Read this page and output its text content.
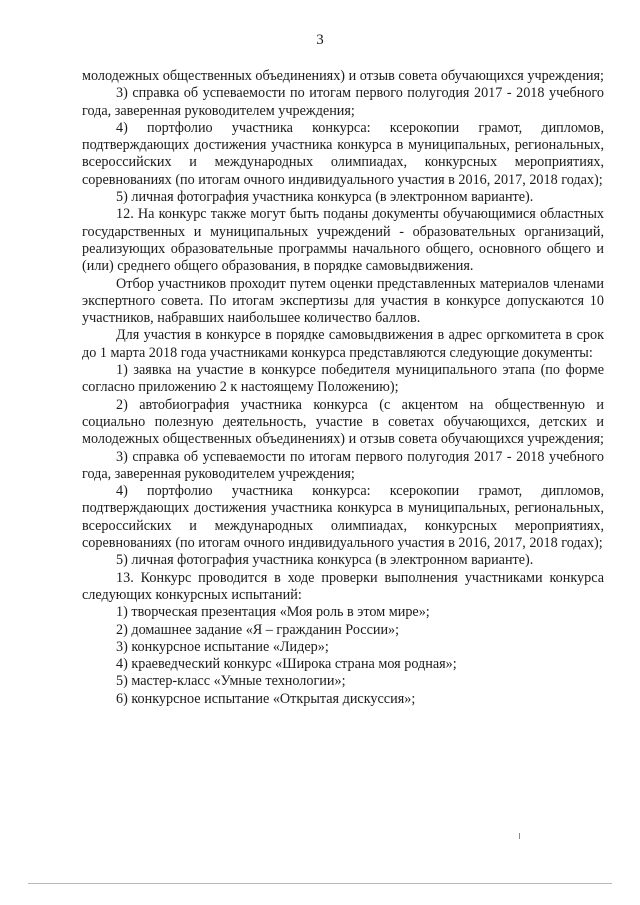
3

молодежных общественных объединениях) и отзыв совета обучающихся учреждения;

3) справка об успеваемости по итогам первого полугодия 2017 - 2018 учебного года, заверенная руководителем учреждения;

4) портфолио участника конкурса: ксерокопии грамот, дипломов, подтверждающих достижения участника конкурса в муниципальных, региональных, всероссийских и международных олимпиадах, конкурсных мероприятиях, соревнованиях (по итогам очного индивидуального участия в 2016, 2017, 2018 годах);

5) личная фотография участника конкурса (в электронном варианте).

12. На конкурс также могут быть поданы документы обучающимися областных государственных и муниципальных учреждений - образовательных организаций, реализующих образовательные программы начального общего, основного общего и (или) среднего общего образования, в порядке самовыдвижения.

Отбор участников проходит путем оценки представленных материалов членами экспертного совета. По итогам экспертизы для участия в конкурсе допускаются 10 участников, набравших наибольшее количество баллов.

Для участия в конкурсе в порядке самовыдвижения в адрес оргкомитета в срок до 1 марта 2018 года участниками конкурса представляются следующие документы:

1) заявка на участие в конкурсе победителя муниципального этапа (по форме согласно приложению 2 к настоящему Положению);

2) автобиография участника конкурса (с акцентом на общественную и социально полезную деятельность, участие в советах обучающихся, детских и молодежных общественных объединениях) и отзыв совета обучающихся учреждения;

3) справка об успеваемости по итогам первого полугодия 2017 - 2018 учебного года, заверенная руководителем учреждения;

4) портфолио участника конкурса: ксерокопии грамот, дипломов, подтверждающих достижения участника конкурса в муниципальных, региональных, всероссийских и международных олимпиадах, конкурсных мероприятиях, соревнованиях (по итогам очного индивидуального участия в 2016, 2017, 2018 годах);

5) личная фотография участника конкурса (в электронном варианте).

13. Конкурс проводится в ходе проверки выполнения участниками конкурса следующих конкурсных испытаний:

1) творческая презентация «Моя роль в этом мире»;

2) домашнее задание «Я – гражданин России»;

3) конкурсное испытание «Лидер»;

4) краеведческий конкурс «Широка страна моя родная»;

5) мастер-класс «Умные технологии»;

6) конкурсное испытание «Открытая дискуссия»;
